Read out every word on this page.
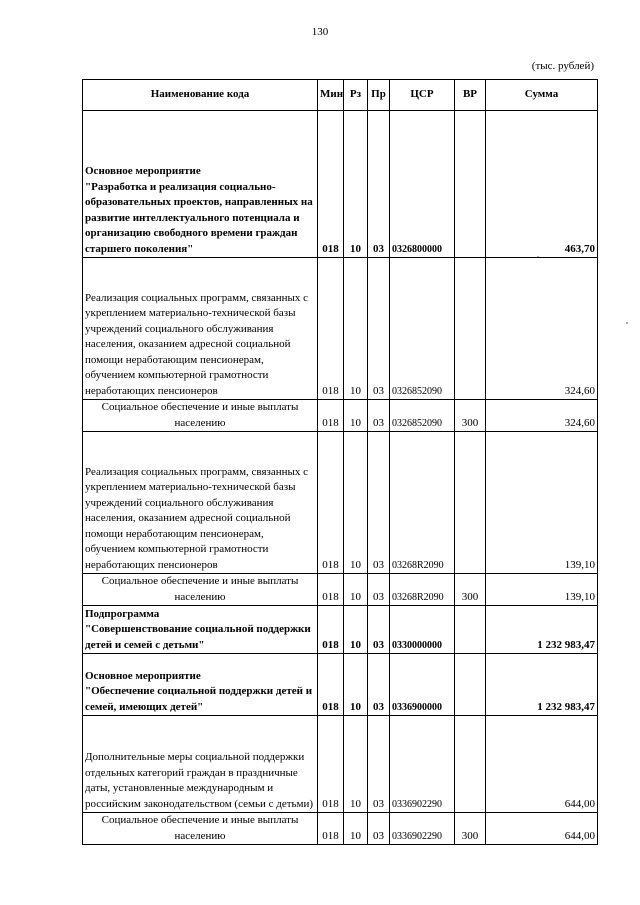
130
(тыс. рублей)
Наименование кода	Мин	Рз	Пр	ЦСР	ВР	Сумма
Основное мероприятие
"Разработка и реализация социально-образовательных проектов, направленных на развитие интеллектуального потенциала и организацию свободного времени граждан старшего поколения"	018	10	03	0326800000		463,70
Реализация социальных программ, связанных с укреплением материально-технической базы учреждений социального обслуживания населения, оказанием адресной социальной помощи неработающим пенсионерам, обучением компьютерной грамотности неработающих пенсионеров	018	10	03	0326852090		324,60
Социальное обеспечение и иные выплаты населению	018	10	03	0326852090	300	324,60
Реализация социальных программ, связанных с укреплением материально-технической базы учреждений социального обслуживания населения, оказанием адресной социальной помощи неработающим пенсионерам, обучением компьютерной грамотности неработающих пенсионеров	018	10	03	03268R2090		139,10
Социальное обеспечение и иные выплаты населению	018	10	03	03268R2090	300	139,10
Подпрограмма
"Совершенствование социальной поддержки детей и семей с детьми"	018	10	03	0330000000		1 232 983,47
Основное мероприятие
"Обеспечение социальной поддержки детей и семей, имеющих детей"	018	10	03	0336900000		1 232 983,47
Дополнительные меры социальной поддержки отдельных категорий граждан в праздничные даты, установленные международным и российским законодательством (семьи с детьми)	018	10	03	0336902290		644,00
Социальное обеспечение и иные выплаты населению	018	10	03	0336902290	300	644,00
